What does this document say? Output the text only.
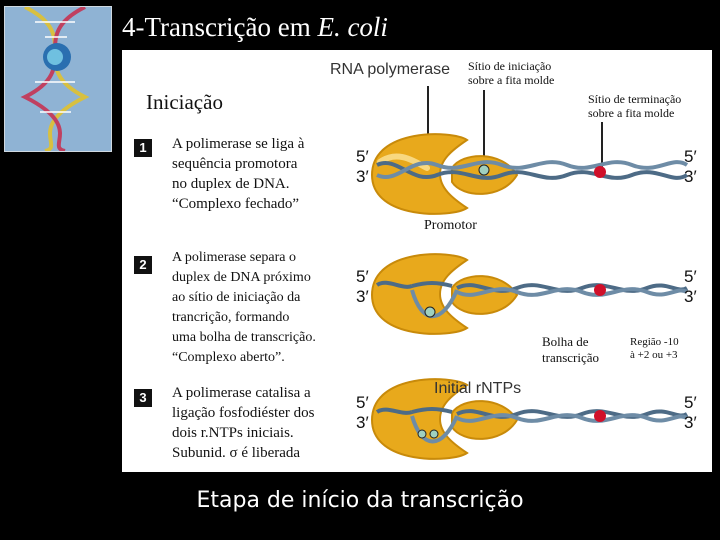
4-Transcrição em E. coli
5′
3′
5′
3′
5′
3′
5′
3′
5′
3′
5′
3′
RNA polymerase
Iniciação
Sítio de iniciação
sobre a fita molde
Sítio de terminação
sobre a fita molde
Promotor
Bolha de
transcrição
Região -10
à +2 ou +3
Initial rNTPs
1	A polimerase se liga à
sequência promotora
no duplex de DNA.
“Complexo fechado”
2	A polimerase separa o
duplex de DNA próximo
ao sítio de iniciação da
trancrição, formando
uma bolha de transcrição.
“Complexo aberto”.
3	A polimerase catalisa a
ligação fosfodiéster dos
dois r.NTPs iniciais.
Subunid. σ é liberada
Etapa de início da transcrição
